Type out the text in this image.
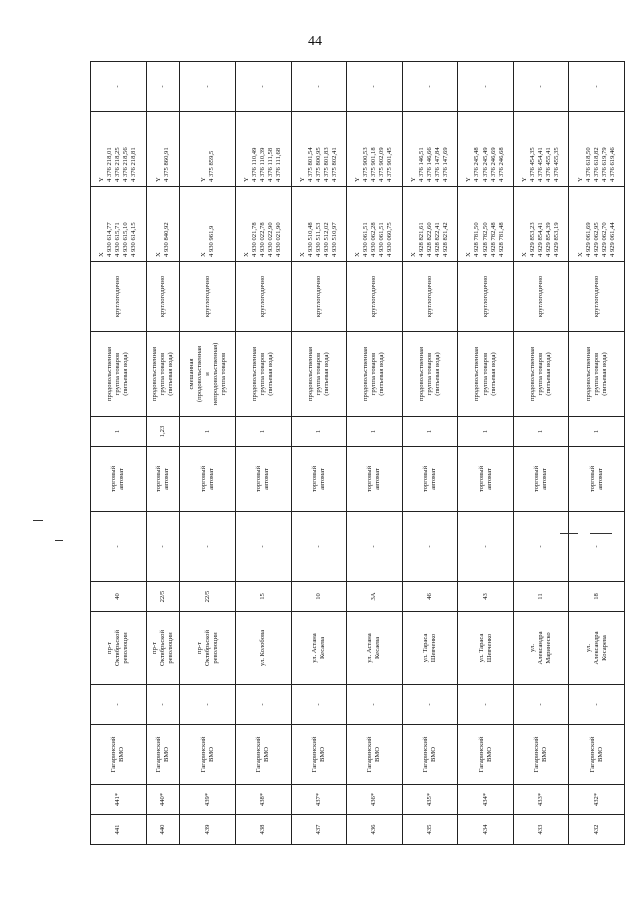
44
441	441*	Гагаринский ВМО	-	пр-т Октябрьской революции	40	-	торговый автомат	1	продовольственная группа товаров (питьевая вода)	круглогодично	X 4 930 614,77 4 930 615,71 4 930 615,10 4 930 614,15	Y 4 376 218,01 4 376 218,25 4 376 218,56 4 376 218,81	-

440	440*	Гагаринский ВМО	-	пр-т Октябрьской революции	22/5	-	торговый автомат	1,23	продовольственная группа товаров (питьевая вода)	круглогодично	X 4 930 840,92	Y 4 375 860,91	-

439	439*	Гагаринский ВМО	-	пр-т Октябрьской революции	22/5	-	торговый автомат	1	смешанная (продовольственная и непродовольственная) группа товаров	круглогодично	X 4 930 961,9	Y 4 375 859,5	-

438	438*	Гагаринский ВМО	-	ул. Колобова	15	-	торговый автомат	1	продовольственная группа товаров (питьевая вода)	круглогодично	X 4 930 021,78 4 930 022,78 4 930 022,90 4 930 021,90	Y 4 376 110,49 4 376 110,39 4 376 111,58 4 376 111,68	-

437	437*	Гагаринский ВМО	-	ул. Астана Кесаева	10	-	торговый автомат	1	продовольственная группа товаров (питьевая вода)	круглогодично	X 4 930 510,48 4 930 511,53 4 930 512,02 4 930 510,97	Y 4 375 801,54 4 375 800,95 4 375 801,83 4 375 802,41	-

436	436*	Гагаринский ВМО	-	ул. Астана Кесаева	3А	-	торговый автомат	1	продовольственная группа товаров (питьевая вода)	круглогодично	X 4 930 061,51 4 930 062,28 4 930 061,51 4 930 060,75	Y 4 375 900,53 4 375 901,18 4 375 902,09 4 375 901,45	-

435	435*	Гагаринский ВМО	-	ул. Тараса Шевченко	46	-	торговый автомат	1	продовольственная группа товаров (питьевая вода)	круглогодично	X 4 928 821,61 4 928 822,60 4 928 822,41 4 928 821,42	Y 4 376 146,51 4 376 146,66 4 376 147,84 4 376 147,69	-

434	434*	Гагаринский ВМО	-	ул. Тараса Шевченко	43	-	торговый автомат	1	продовольственная группа товаров (питьевая вода)	круглогодично	X 4 928 781,50 4 928 782,50 4 928 782,48 4 928 781,48	Y 4 376 245,48 4 376 245,49 4 376 246,69 4 376 246,68	-

433	433*	Гагаринский ВМО	-	ул. Александра Маринеско	11	-	торговый автомат	1	продовольственная группа товаров (питьевая вода)	круглогодично	X 4 929 853,23 4 929 854,41 4 929 854,39 4 929 853,19	Y 4 376 454,35 4 376 454,41 4 376 455,41 4 376 455,35	-

432	432*	Гагаринский ВМО	-	ул. Александра Косарева	18	-	торговый автомат	1	продовольственная группа товаров (питьевая вода)	круглогодично	X 4 929 061,69 4 929 062,95 4 929 062,70 4 929 061,44	Y 4 376 618,50 4 376 618,82 4 376 619,79 4 376 619,46	-
